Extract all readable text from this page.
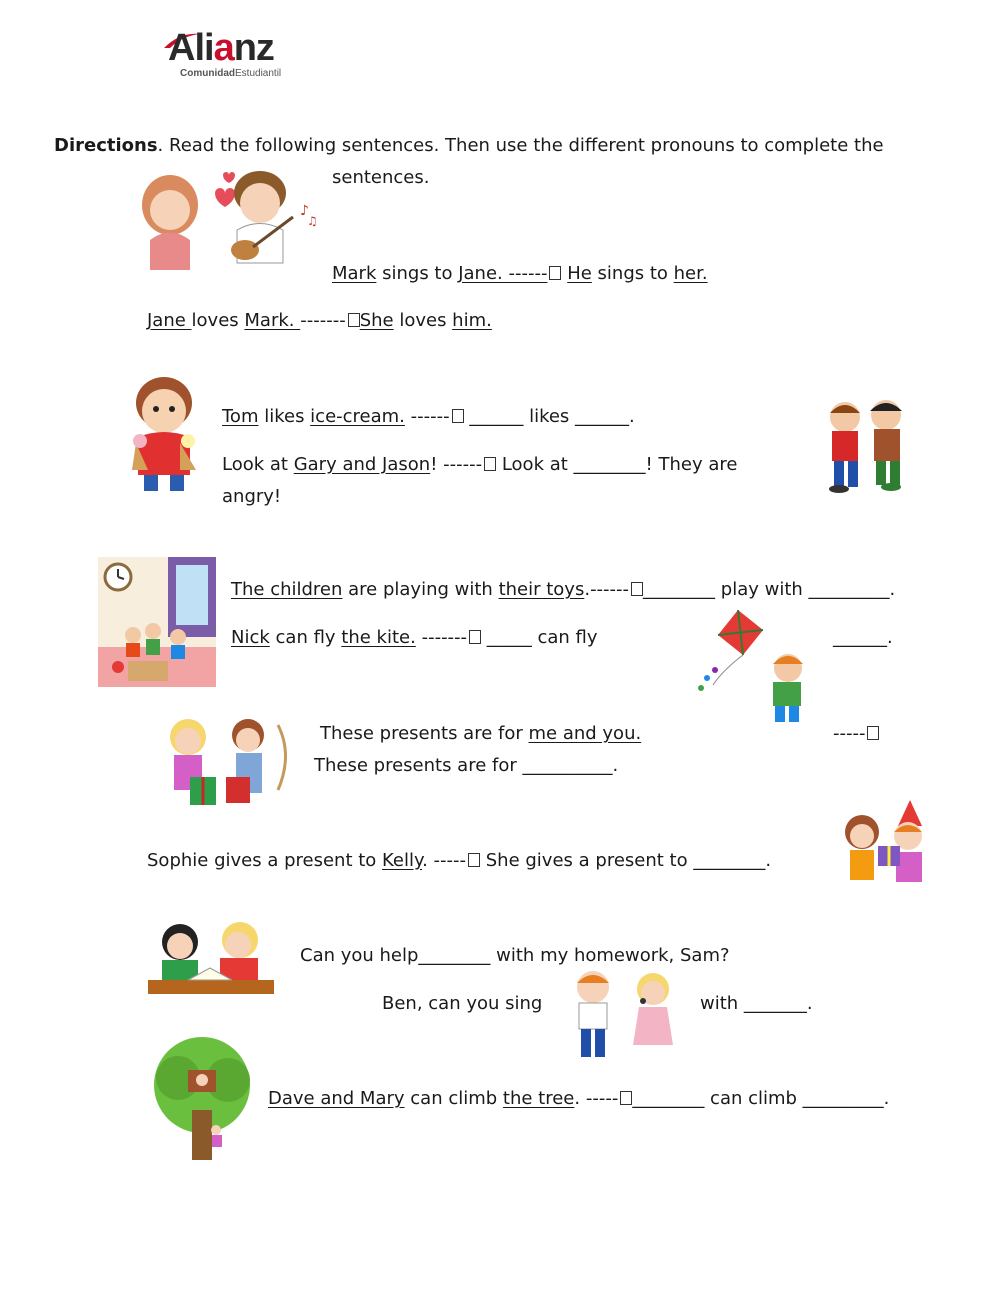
Alianz
ComunidadEstudiantil
Directions. Read the following sentences. Then use the different pronouns to complete the
sentences.
♪
♫
Mark sings to Jane. ------ He sings to her.
Jane loves Mark. ------- She loves him.
Tom likes ice-cream. ------ ______ likes ______.
Look at Gary and Jason! ------ Look at ________! They are
angry!
The children are playing with their toys.------ ________ play with _________.
Nick can fly the kite. ------- _____ can fly	______.
These presents are for me and you.	-----
These presents are for __________.
Sophie gives a present to Kelly. ----- She gives a present to ________.
Can you help________ with my homework, Sam?
Ben, can you sing	with _______.
Dave and Mary can climb the tree. ----- ________ can climb _________.
